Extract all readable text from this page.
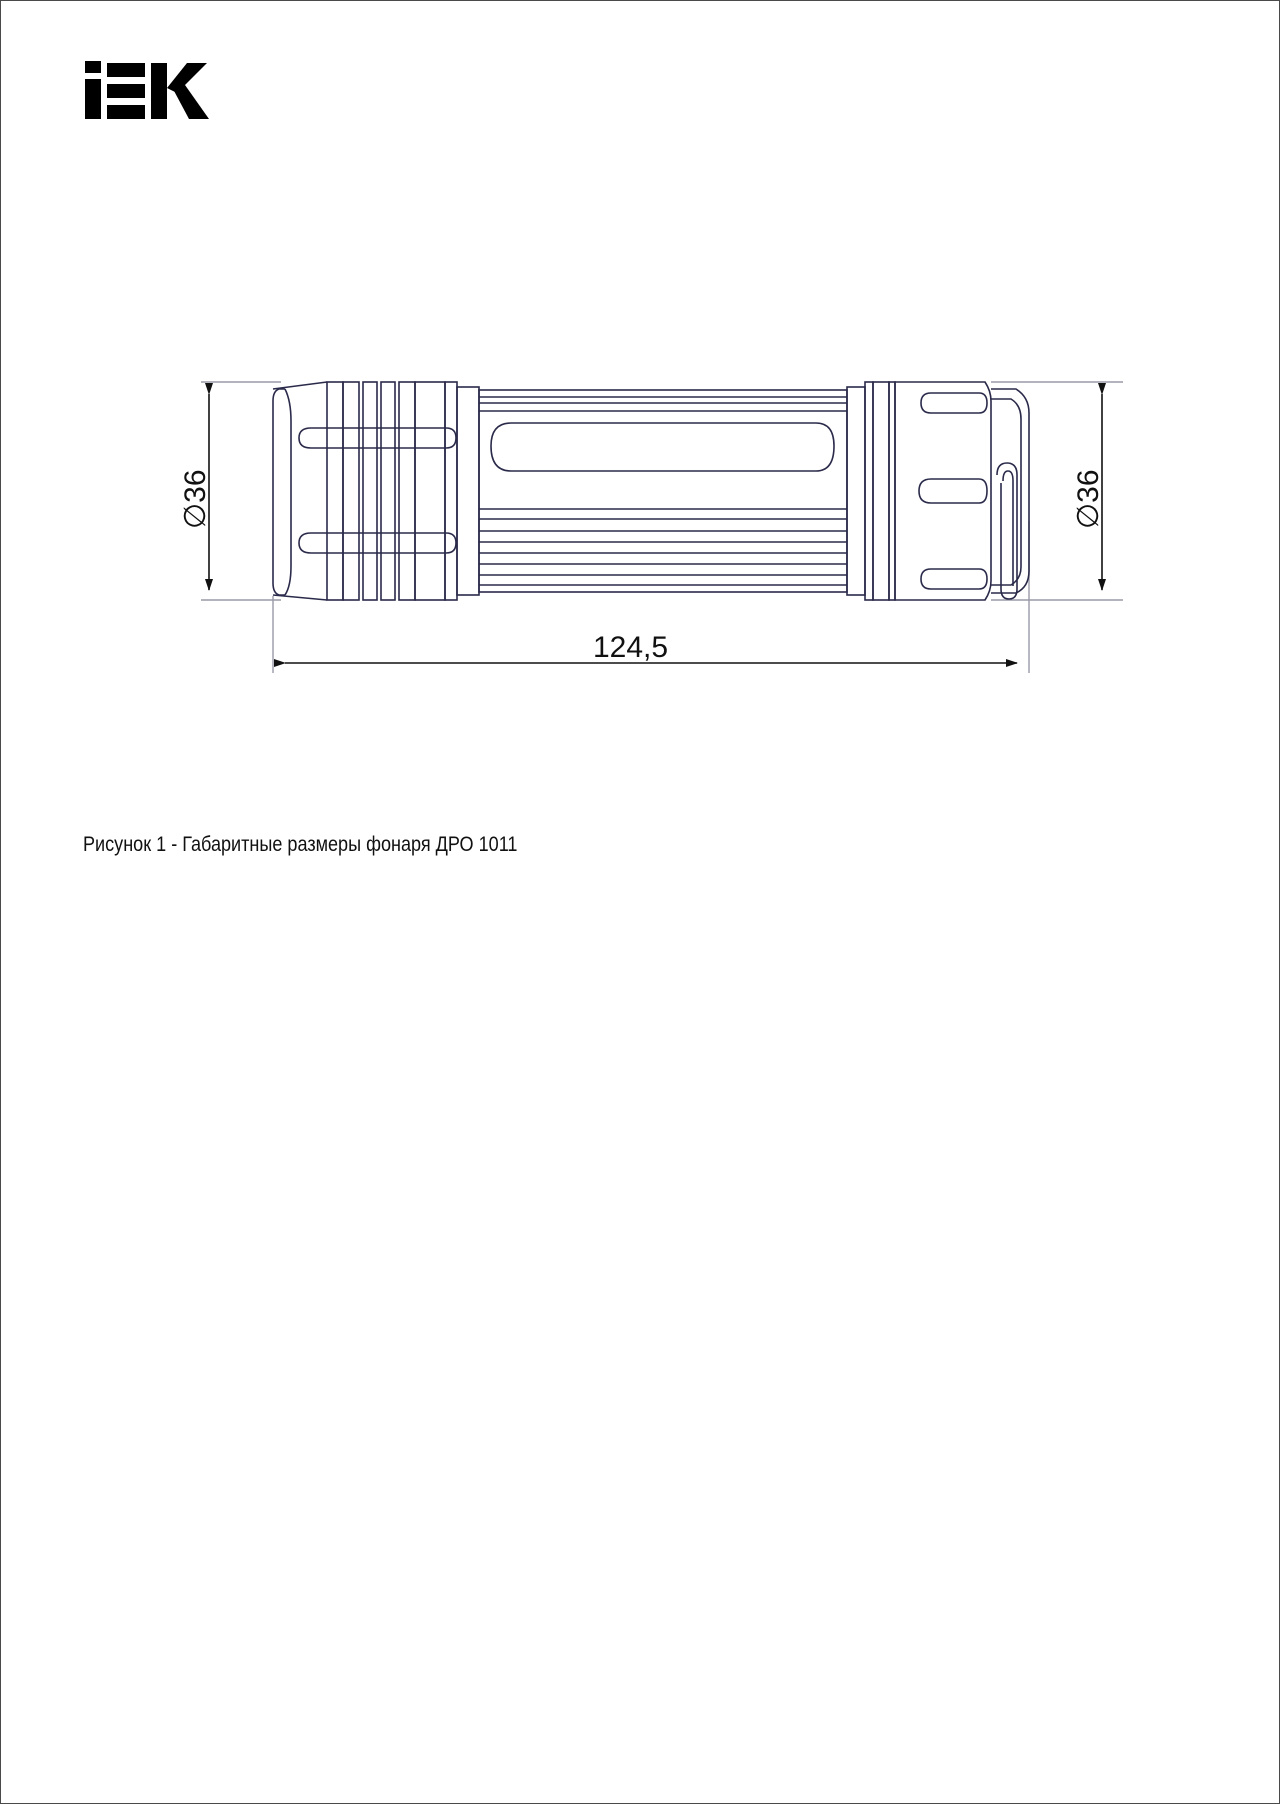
124,5
∅36	∅36
Рисунок 1 - Габаритные размеры фонаря ДРО 1011
